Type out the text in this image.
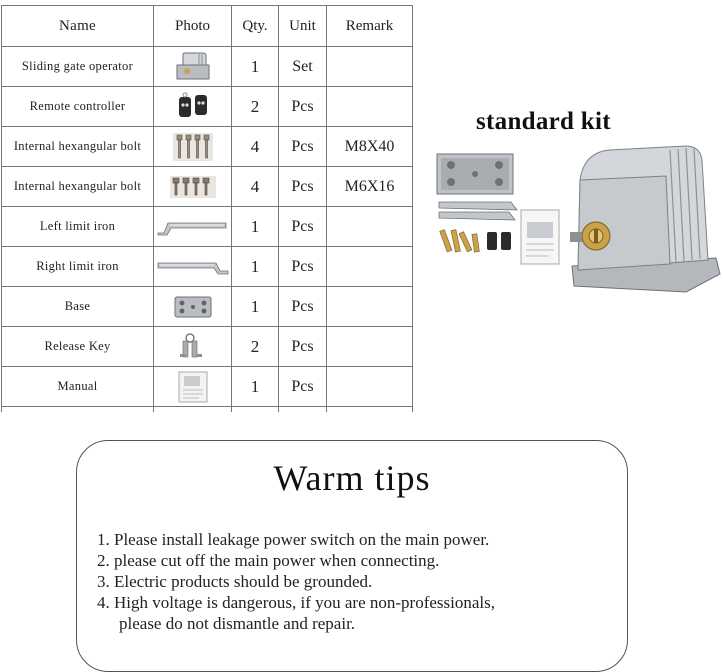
Name	Photo	Qty.	Unit	Remark
Sliding gate operator		1	Set	
Remote controller		2	Pcs	
Internal hexangular bolt		4	Pcs	M8X40
Internal hexangular bolt		4	Pcs	M6X16
Left limit iron		1	Pcs	
Right limit iron		1	Pcs	
Base		1	Pcs	
Release Key		2	Pcs	
Manual		1	Pcs	

standard kit
Warm tips
1. Please install leakage power switch on the main power.
2. please cut off the main power when connecting.
3. Electric products should be grounded.
4. High voltage is dangerous, if you are non-professionals,
please do not dismantle and repair.
